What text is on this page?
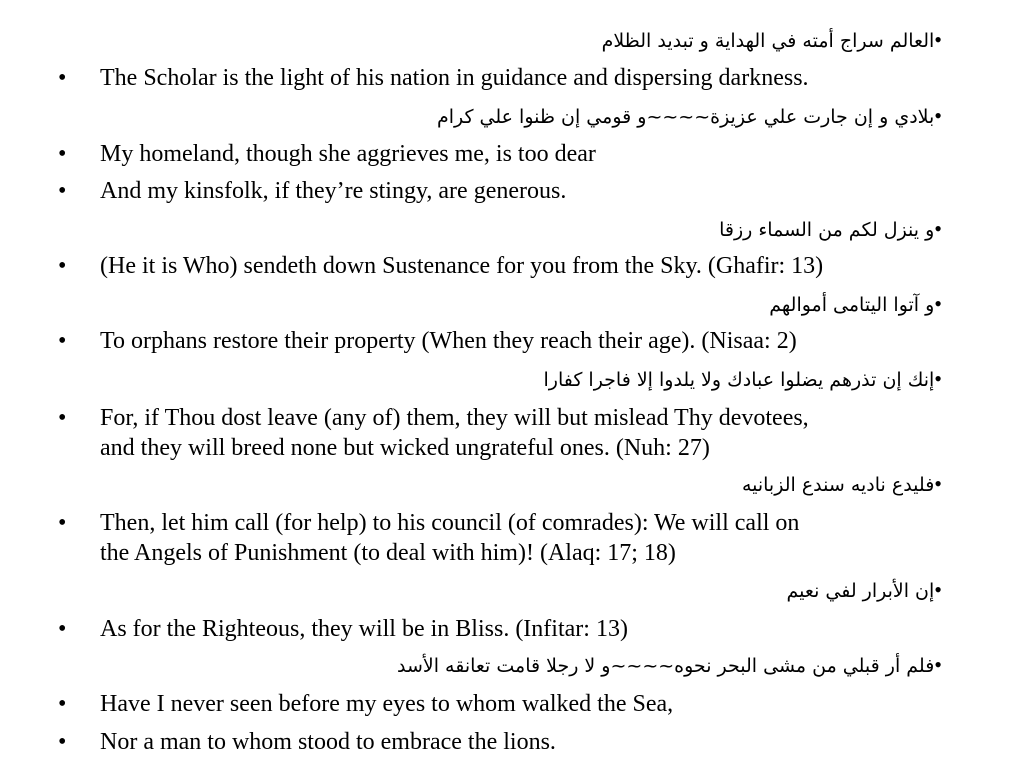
•العالم سراج أمته في الهداية و تبديد الظلام
•	The Scholar is the light of his nation in guidance and dispersing darkness.
•بلادي و إن جارت علي عزيزة~~~~و قومي إن ظنوا علي كرام
•	My homeland, though she aggrieves me, is too dear
•	And my kinsfolk, if they’re stingy, are generous.
•و ينزل لكم من السماء رزقا
•	(He it is Who) sendeth down Sustenance for you from the Sky. (Ghafir: 13)
•و آتوا اليتامى أموالهم
•	To orphans restore their property (When they reach their age). (Nisaa: 2)
•إنك إن تذرهم يضلوا عبادك ولا يلدوا إلا فاجرا كفارا
•	For, if Thou dost leave (any of) them, they will but mislead Thy devotees,
and they will breed none but wicked ungrateful ones. (Nuh: 27)
•فليدع ناديه سندع الزبانيه
•	Then, let him call (for help) to his council (of comrades): We will call on
the Angels of Punishment (to deal with him)! (Alaq: 17; 18)
•إن الأبرار لفي نعيم
•	As for the Righteous, they will be in Bliss. (Infitar: 13)
•فلم أر قبلي من مشى البحر نحوه~~~~و لا رجلا قامت تعانقه الأسد
•	Have I never seen before my eyes to whom walked the Sea,
•	Nor a man to whom stood to embrace the lions.
